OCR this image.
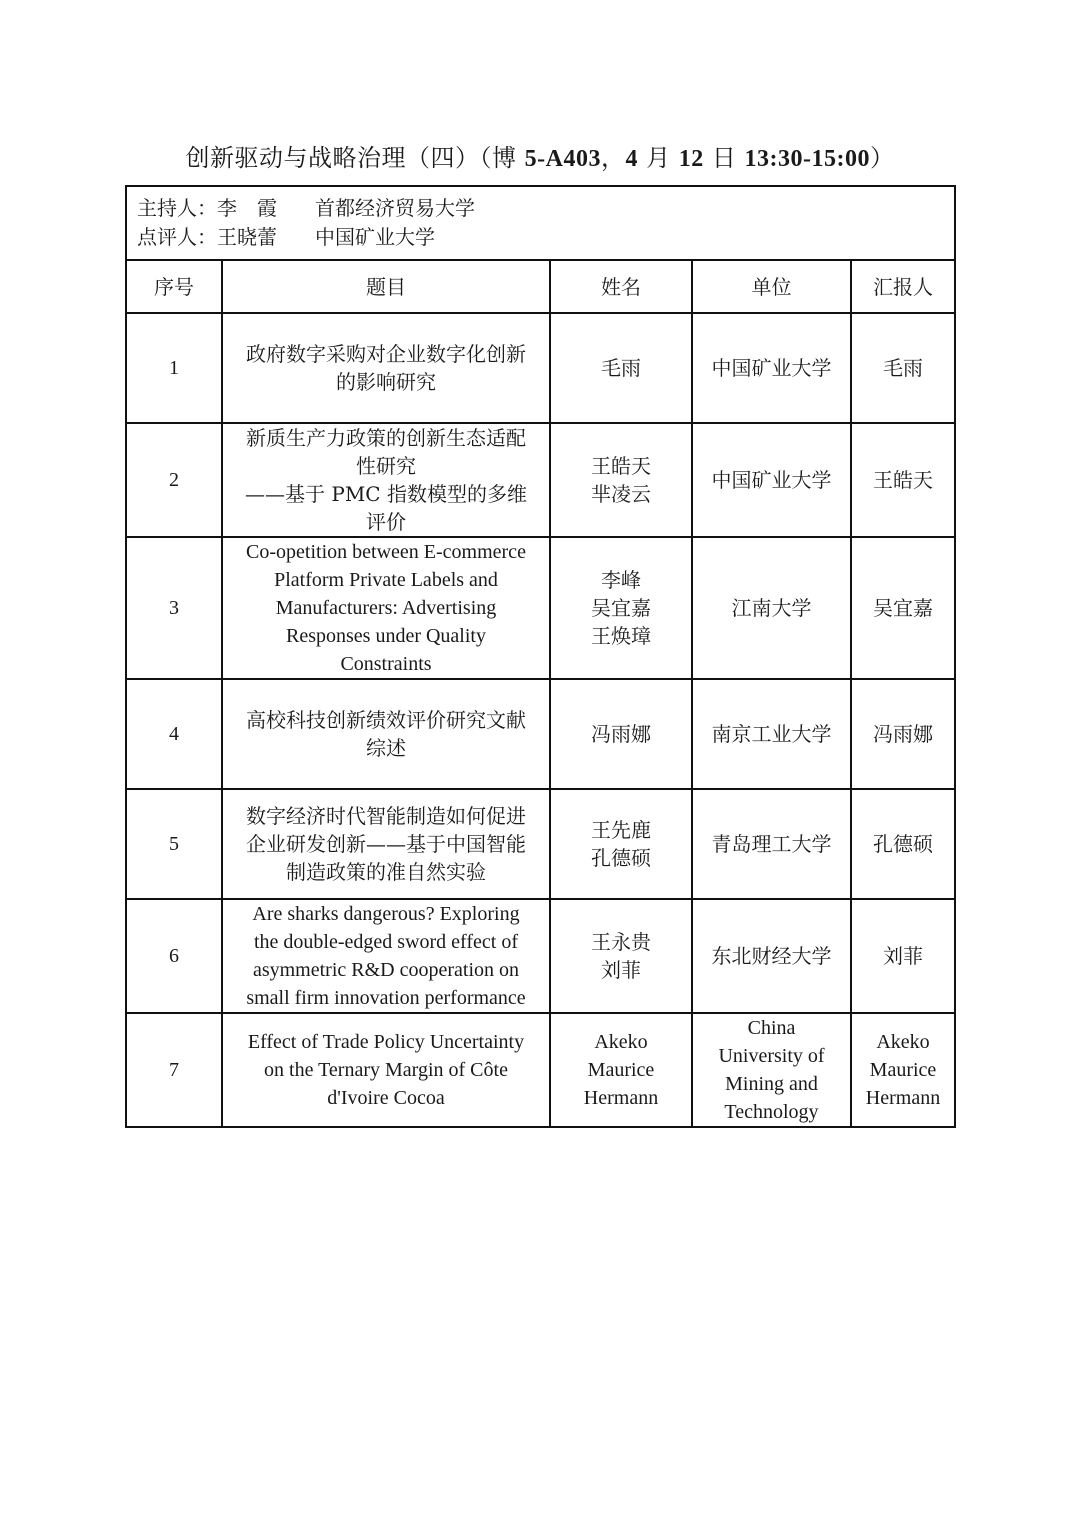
创新驱动与战略治理（四）（博 5-A403，4 月 12 日 13:30-15:00）
主持人：李　霞 首都经济贸易大学
点评人：王晓蕾 中国矿业大学
序号	题目	姓名	单位	汇报人
1	政府数字采购对企业数字化创新
的影响研究	毛雨	中国矿业大学	毛雨

2	新质生产力政策的创新生态适配
性研究
——基于 PMC 指数模型的多维
评价	王皓天
芈凌云	中国矿业大学	王皓天

3	Co-opetition between E-commerce
Platform Private Labels and
Manufacturers: Advertising
Responses under Quality
Constraints	李峰
吴宜嘉
王焕璋	江南大学	吴宜嘉

4	高校科技创新绩效评价研究文献
综述	冯雨娜	南京工业大学	冯雨娜

5	数字经济时代智能制造如何促进
企业研发创新——基于中国智能
制造政策的准自然实验	王先鹿
孔德硕	青岛理工大学	孔德硕

6	Are sharks dangerous? Exploring
the double-edged sword effect of
asymmetric R&D cooperation on
small firm innovation performance	王永贵
刘菲	东北财经大学	刘菲

7	Effect of Trade Policy Uncertainty
on the Ternary Margin of Côte
d'Ivoire Cocoa	Akeko
Maurice
Hermann	China
University of
Mining and
Technology	Akeko
Maurice
Hermann
